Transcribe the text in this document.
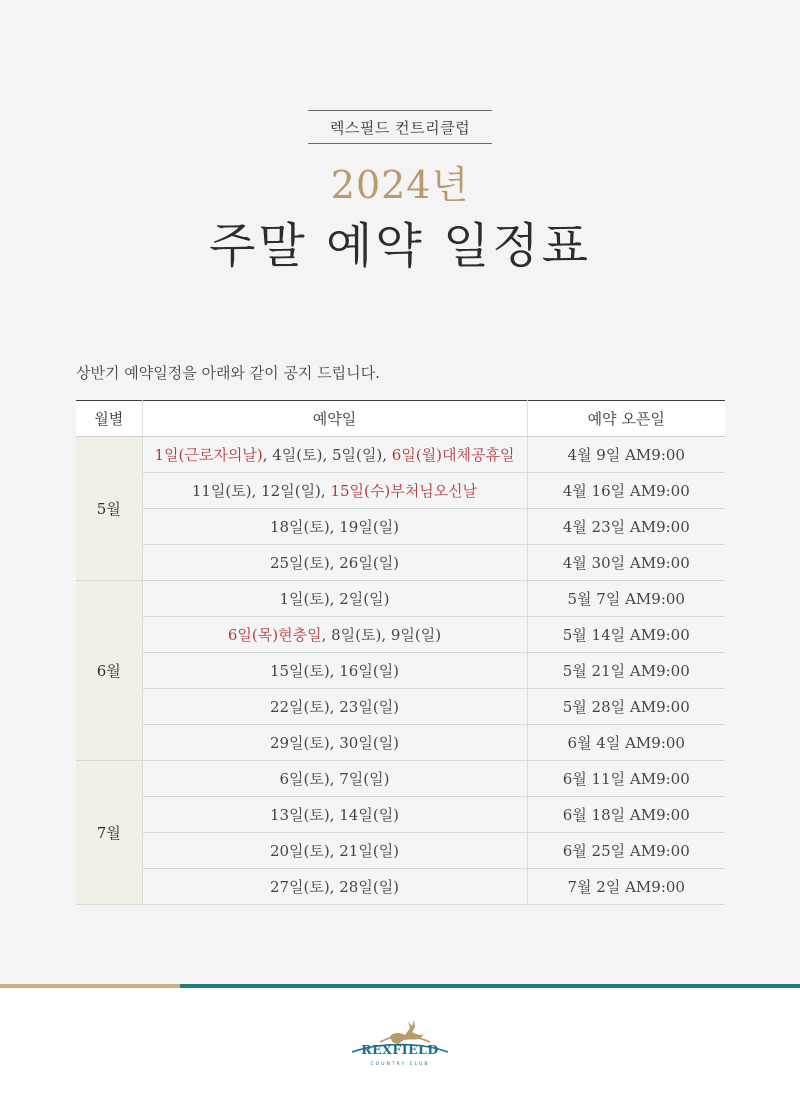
렉스필드 컨트리클럽
2024년
주말 예약 일정표

상반기 예약일정을 아래와 같이 공지 드립니다.

월별	예약일	예약 오픈일
5월	1일(근로자의날), 4일(토), 5일(일), 6일(월)대체공휴일	4월 9일 AM9:00
	11일(토), 12일(일), 15일(수)부처님오신날	4월 16일 AM9:00
	18일(토), 19일(일)	4월 23일 AM9:00
	25일(토), 26일(일)	4월 30일 AM9:00
6월	1일(토), 2일(일)	5월 7일 AM9:00
	6일(목)현충일, 8일(토), 9일(일)	5월 14일 AM9:00
	15일(토), 16일(일)	5월 21일 AM9:00
	22일(토), 23일(일)	5월 28일 AM9:00
	29일(토), 30일(일)	6월 4일 AM9:00
7월	6일(토), 7일(일)	6월 11일 AM9:00
	13일(토), 14일(일)	6월 18일 AM9:00
	20일(토), 21일(일)	6월 25일 AM9:00
	27일(토), 28일(일)	7월 2일 AM9:00
REXFIELD
COUNTRY CLUB
